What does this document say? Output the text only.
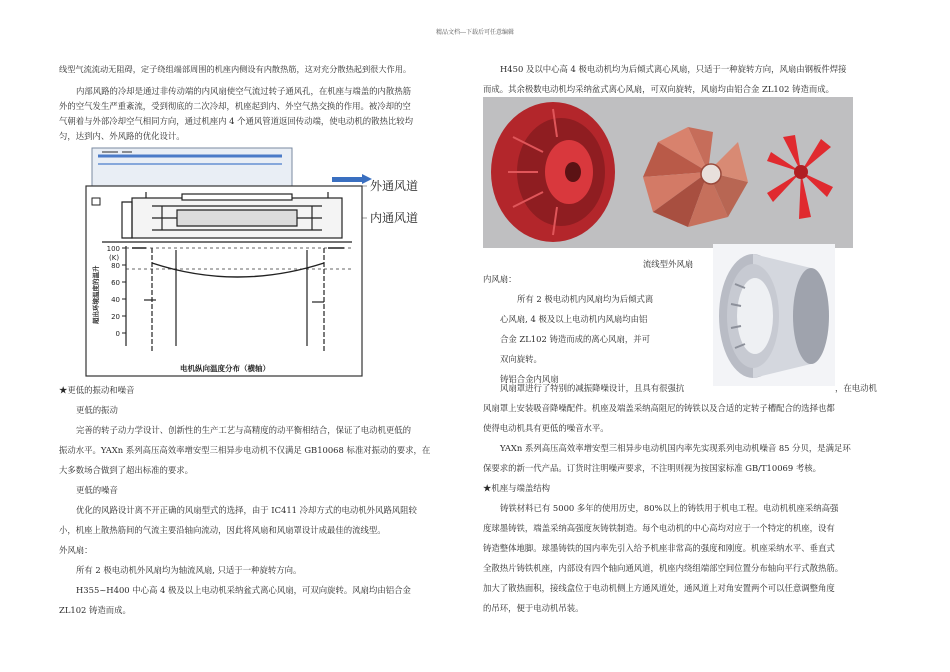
精品文档---下载后可任意编辑

线型气流流动无阻碍，定子绕组端部周围的机座内侧设有内散热筋，这对充分散热起到很大作用。

内部风路的冷却是通过非传动端的内风扇使空气流过转子通风孔，在机座与端盖的内散热筋

外的空气发生严重紊流，受到彻底的二次冷却，机座起到内、外空气热交换的作用。被冷却的空

气朝着与外部冷却空气相同方向，通过机座内 4 个通风管道返回传动端，使电动机的散热比较均

匀，达到内、外风路的优化设计。

外通风道
内通风道
(K)
100
80
60
40
20
0
电机纵向温度分布（横轴）
超出环境温度的温升

★更低的振动和噪音

更低的振动

完善的转子动力学设计、创新性的生产工艺与高精度的动平衡相结合，保证了电动机更低的

振动水平。YAXn 系列高压高效率增安型三相异步电动机不仅满足 GB10068 标准对振动的要求，在

大多数场合做到了超出标准的要求。

更低的噪音

优化的风路设计离不开正确的风扇型式的选择，由于 IC411 冷却方式的电动机外风路风阻较

小，机座上散热筋间的气流主要沿轴向流动，因此将风扇和风扇罩设计成最佳的流线型。

外风扇：

所有 2 极电动机外风扇均为轴流风扇, 只适于一种旋转方向。

H355~H400 中心高 4 极及以上电动机采纳盆式离心风扇，可双向旋转。风扇均由铝合金

ZL102 铸造而成。

H450 及以中心高 4 极电动机均为后倾式离心风扇，只适于一种旋转方向，风扇由钢板件焊接

而成。其余极数电动机均采纳盆式离心风扇，可双向旋转，风扇均由铝合金 ZL102 铸造而成。

流线型外风扇

内风扇：

所有 2 极电动机内风扇均为后倾式离

心风扇, 4 极及以上电动机内风扇均由铝

合金 ZL102 铸造而成的离心风扇，并可

双向旋转。

铸铝合金内风扇

风扇罩进行了特别的减振降噪设计，且具有很强抗	，在电动机

风扇罩上安装吸音降噪配件。机座及端盖采纳高阻尼的铸铁以及合适的定转子槽配合的选择也都

使得电动机具有更低的噪音水平。

YAXn 系列高压高效率增安型三相异步电动机国内率先实现系列电动机噪音 85 分贝，是满足环

保要求的新一代产品。订货时注明噪声要求，不注明则视为按国家标准 GB/T10069 考核。

★机座与端盖结构

铸铁材料已有 5000 多年的使用历史，80%以上的铸铁用于机电工程。电动机机座采纳高强

度球墨铸铁，端盖采纳高强度灰铸铁制造。每个电动机的中心高均对应于一个特定的机座，设有

铸造整体地脚。球墨铸铁的国内率先引入给予机座非常高的强度和刚度。机座采纳水平、垂直式

全散热片铸铁机座，内部设有四个轴向通风道，机座内绕组端部空间位置分布轴向平行式散热筋。

加大了散热面积，接线盒位于电动机侧上方通风道处，通风道上对角安置两个可以任意调整角度

的吊环，便于电动机吊装。
